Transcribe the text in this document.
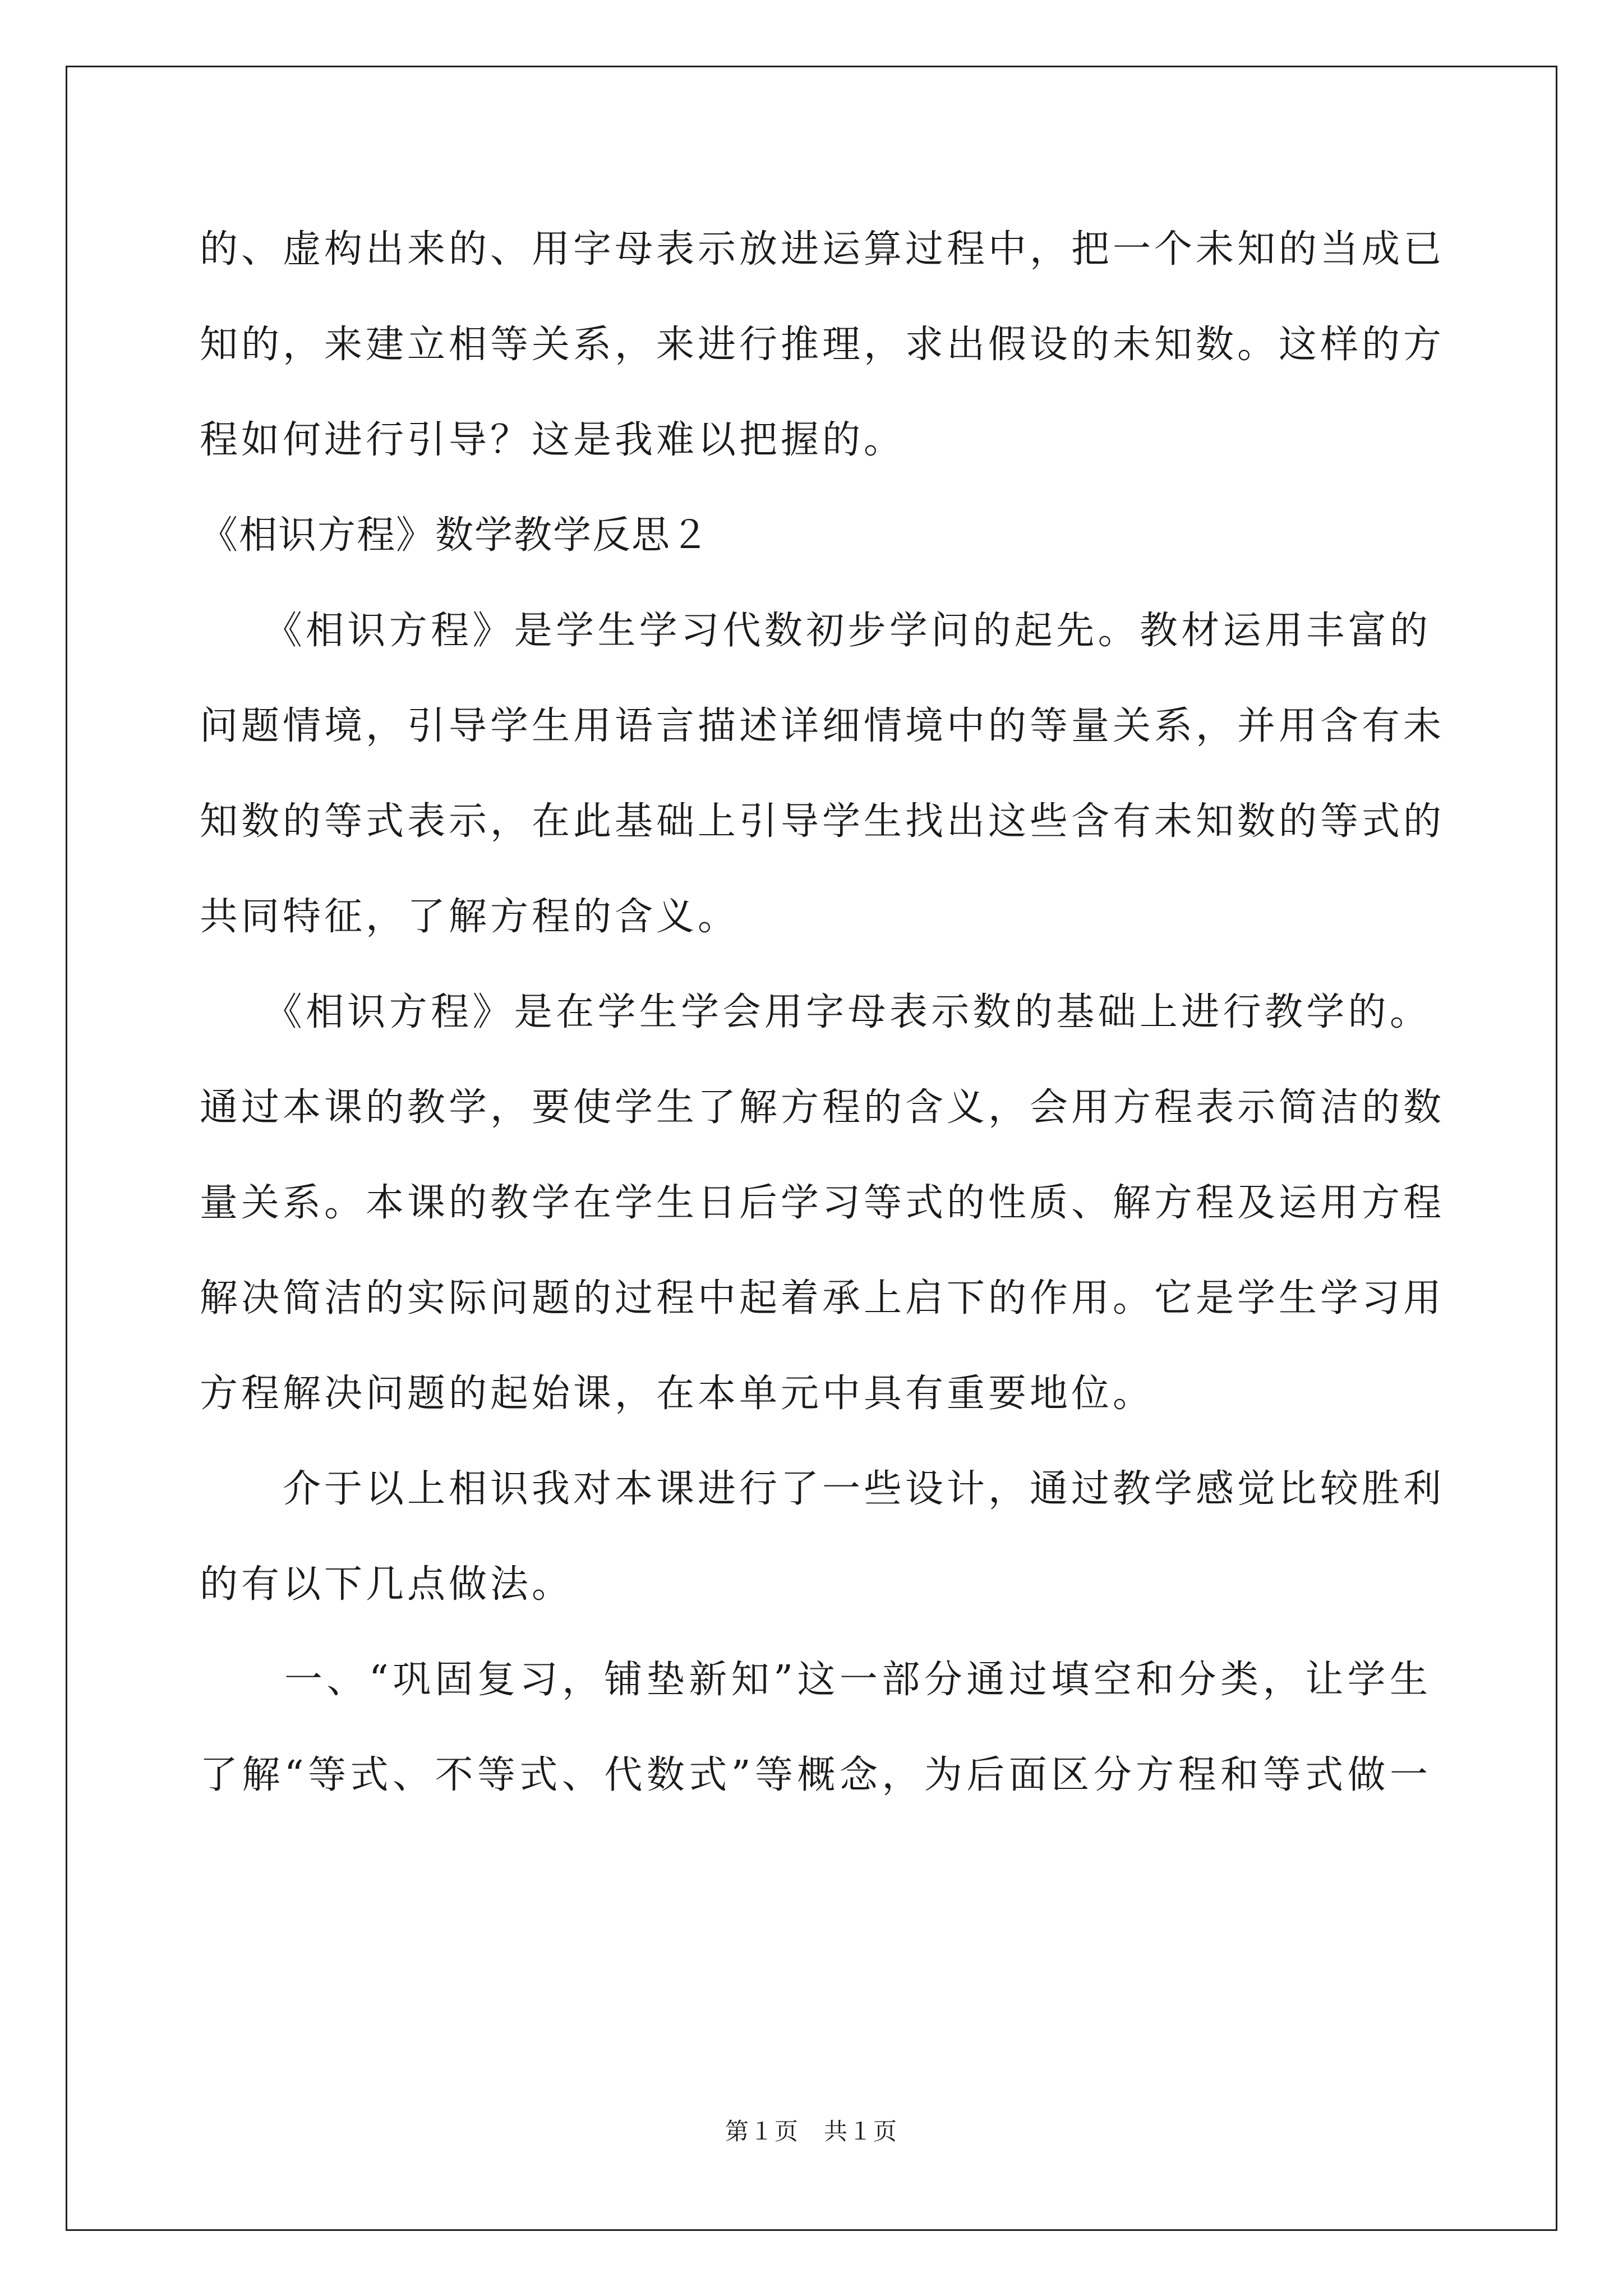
的、虚构出来的、用字母表示放进运算过程中，把一个未知的当成已
知的，来建立相等关系，来进行推理，求出假设的未知数。这样的方
程如何进行引导？这是我难以把握的。
《相识方程》数学教学反思２
　　《相识方程》是学生学习代数初步学问的起先。教材运用丰富的
问题情境，引导学生用语言描述详细情境中的等量关系，并用含有未
知数的等式表示，在此基础上引导学生找出这些含有未知数的等式的
共同特征，了解方程的含义。
　　《相识方程》是在学生学会用字母表示数的基础上进行教学的。
通过本课的教学，要使学生了解方程的含义，会用方程表示简洁的数
量关系。本课的教学在学生日后学习等式的性质、解方程及运用方程
解决简洁的实际问题的过程中起着承上启下的作用。它是学生学习用
方程解决问题的起始课，在本单元中具有重要地位。
　　介于以上相识我对本课进行了一些设计，通过教学感觉比较胜利
的有以下几点做法。
　　一、“巩固复习，铺垫新知”这一部分通过填空和分类，让学生
了解“等式、不等式、代数式”等概念，为后面区分方程和等式做一
第１页　共１页
